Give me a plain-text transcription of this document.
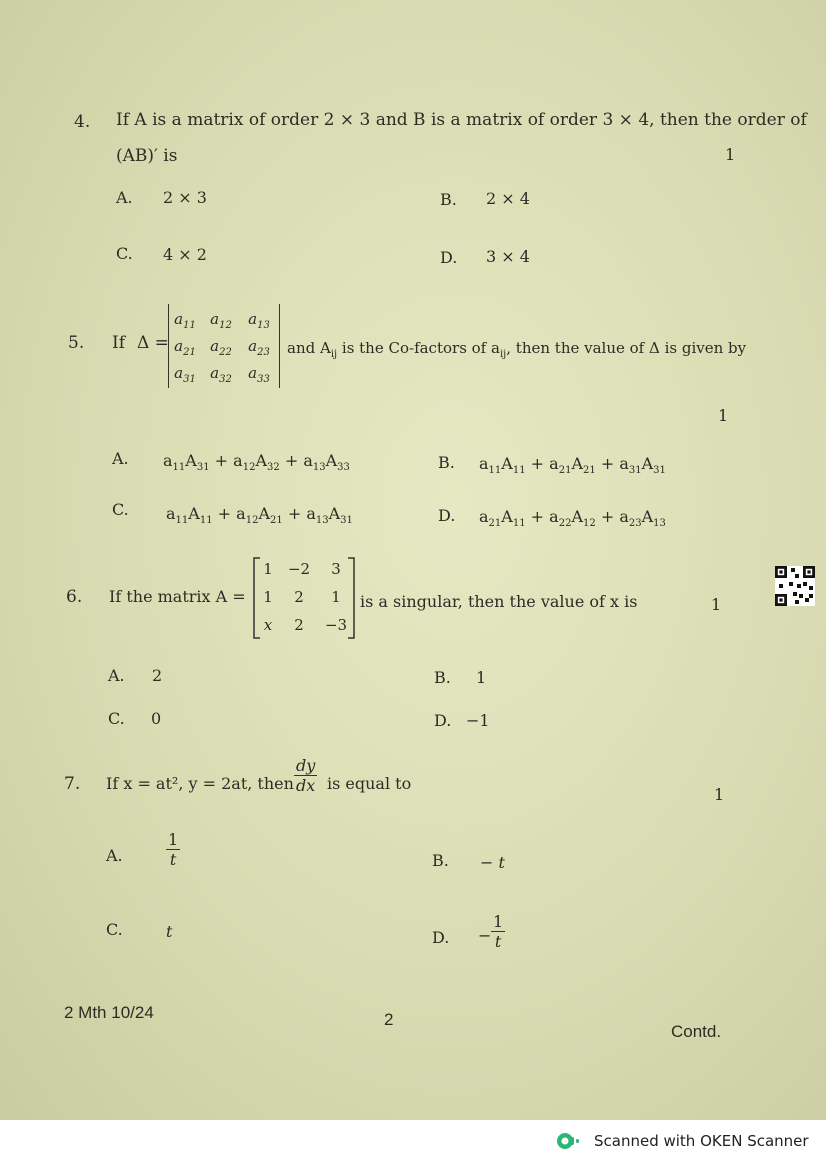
4. If A is a matrix of order 2 × 3 and B is a matrix of order 3 × 4, then the order of
(AB)′ is	1
A. 2 × 3	B. 2 × 4
C. 4 × 2	D. 3 × 4
5. If Δ =
$a_{11}$ $a_{12}$ $a_{13}$
$a_{21}$ $a_{22}$ $a_{23}$
$a_{31}$ $a_{32}$ $a_{33}$
and $A_{ij}$ is the Co-factors of $a_{ij}$, then the value of Δ is given by
1
A. $a_{11}A_{31} + a_{12}A_{32} + a_{13}A_{33}$	B. $a_{11}A_{11} + a_{21}A_{21} + a_{31}A_{31}$
C. $a_{11}A_{11} + a_{12}A_{21} + a_{13}A_{31}$	D. $a_{21}A_{11} + a_{22}A_{12} + a_{23}A_{13}$
6. If the matrix A =
1	−2	3
1	2	1
x	2	−3
is a singular, then the value of x is	1
A. 2	B. 1
C. 0	D. −1
7. If x = at², y = 2at, then $\frac{dy}{dx}$ is equal to
1
A.	$\frac{1}{t}$	B. − t
C.	t	D. − $\frac{1}{t}$
2 Mth 10/24	2
Contd.
Scanned with OKEN Scanner
